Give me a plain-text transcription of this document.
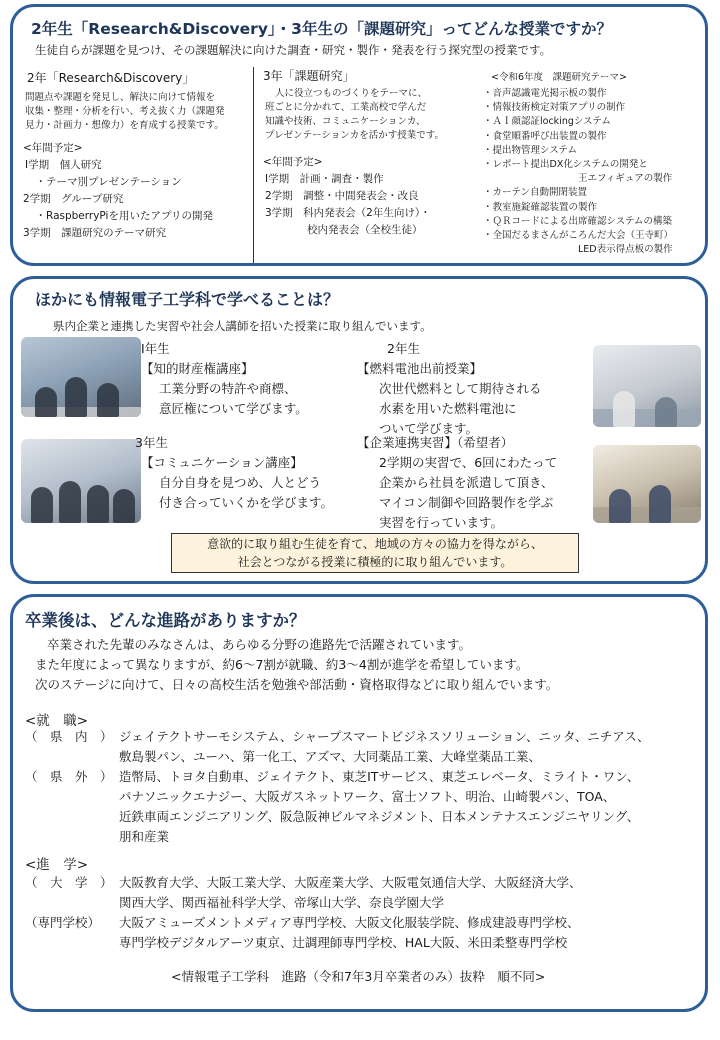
2年生「Research&Discovery」・3年生の「課題研究」ってどんな授業ですか？
生徒自らが課題を見つけ、その課題解決に向けた調査・研究・製作・発表を行う探究型の授業です。
2年「Research&Discovery」
問題点や課題を発見し、解決に向けて情報を
収集・整理・分析を行い、考え抜く力（課題発
見力・計画力・想像力）を育成する授業です。
<年間予定>
I学期　個人研究
　・テーマ別プレゼンテーション
2学期　グループ研究
　・RaspberryPiを用いたアプリの開発
3学期　課題研究のテーマ研究
3年「課題研究」
人に役立つものづくりをテーマに、
班ごとに分かれて、工業高校で学んだ
知識や技術、コミュニケーションカ、
プレゼンテーションカを活かす授業です。
<年間予定>
I学期　計画・調査・製作
2学期　調整・中間発表会・改良
3学期　科内発表会（2年生向け）・
　　　　校内発表会（全校生徒）
<令和6年度　課題研究テーマ>
・音声認識電光掲示板の製作
・情報技術検定対策アプリの制作
・ＡＩ顔認証lockingシステム
・食堂順番呼び出装置の製作
・提出物管理システム
・レポート提出DX化システムの開発と
　　　　　　　　　　王エフィギュアの製作
・カーテン自動開閉装置
・教室施錠確認装置の製作
・ＱＲコードによる出席確認システムの構築
・全国だるまさんがころんだ大会（王寺町）
　　　　　　　　　　LED表示得点板の製作
ほかにも情報電子工学科で学べることは？
県内企業と連携した実習や社会人講師を招いた授業に取り組んでいます。
I年生
【知的財産権講座】
工業分野の特許や商標、
意匠権について学びます。
2年生
【燃料電池出前授業】
次世代燃料として期待される
水素を用いた燃料電池に
ついて学びます。
3年生
【コミュニケーション講座】
自分自身を見つめ、人とどう
付き合っていくかを学びます。
【企業連携実習】（希望者）
2学期の実習で、6回にわたって
企業から社員を派遣して頂き、
マイコン制御や回路製作を学ぶ
実習を行っています。
意欲的に取り組む生徒を育て、地域の方々の協力を得ながら、
社会とつながる授業に積極的に取り組んでいます。
卒業後は、どんな進路がありますか？
卒業された先輩のみなさんは、あらゆる分野の進路先で活躍されています。
また年度によって異なりますが、約6～7割が就職、約3～4割が進学を希望しています。
次のステージに向けて、日々の高校生活を勉強や部活動・資格取得などに取り組んでいます。
<就　職>
（　県　内　） ジェイテクトサーモシステム、シャープスマートビジネスソリューション、ニッタ、ニチアス、
敷島製パン、ユーハ、第一化工、アズマ、大同薬品工業、大峰堂薬品工業、
（　県　外　） 造幣局、トヨタ自動車、ジェイテクト、東芝ITサービス、東芝エレベータ、ミライト・ワン、
パナソニックエナジー、大阪ガスネットワーク、富士ソフト、明治、山崎製パン、TOA、
近鉄車両エンジニアリング、阪急阪神ビルマネジメント、日本メンテナスエンジニヤリング、
朋和産業
<進　学>
（　大　学　） 大阪教育大学、大阪工業大学、大阪産業大学、大阪電気通信大学、大阪経済大学、
関西大学、関西福祉科学大学、帝塚山大学、奈良学園大学
（専門学校） 大阪アミューズメントメディア専門学校、大阪文化服装学院、修成建設専門学校、
専門学校デジタルアーツ東京、辻調理師専門学校、HAL大阪、米田柔整専門学校
<情報電子工学科　進路（令和7年3月卒業者のみ）抜粋　順不同>
